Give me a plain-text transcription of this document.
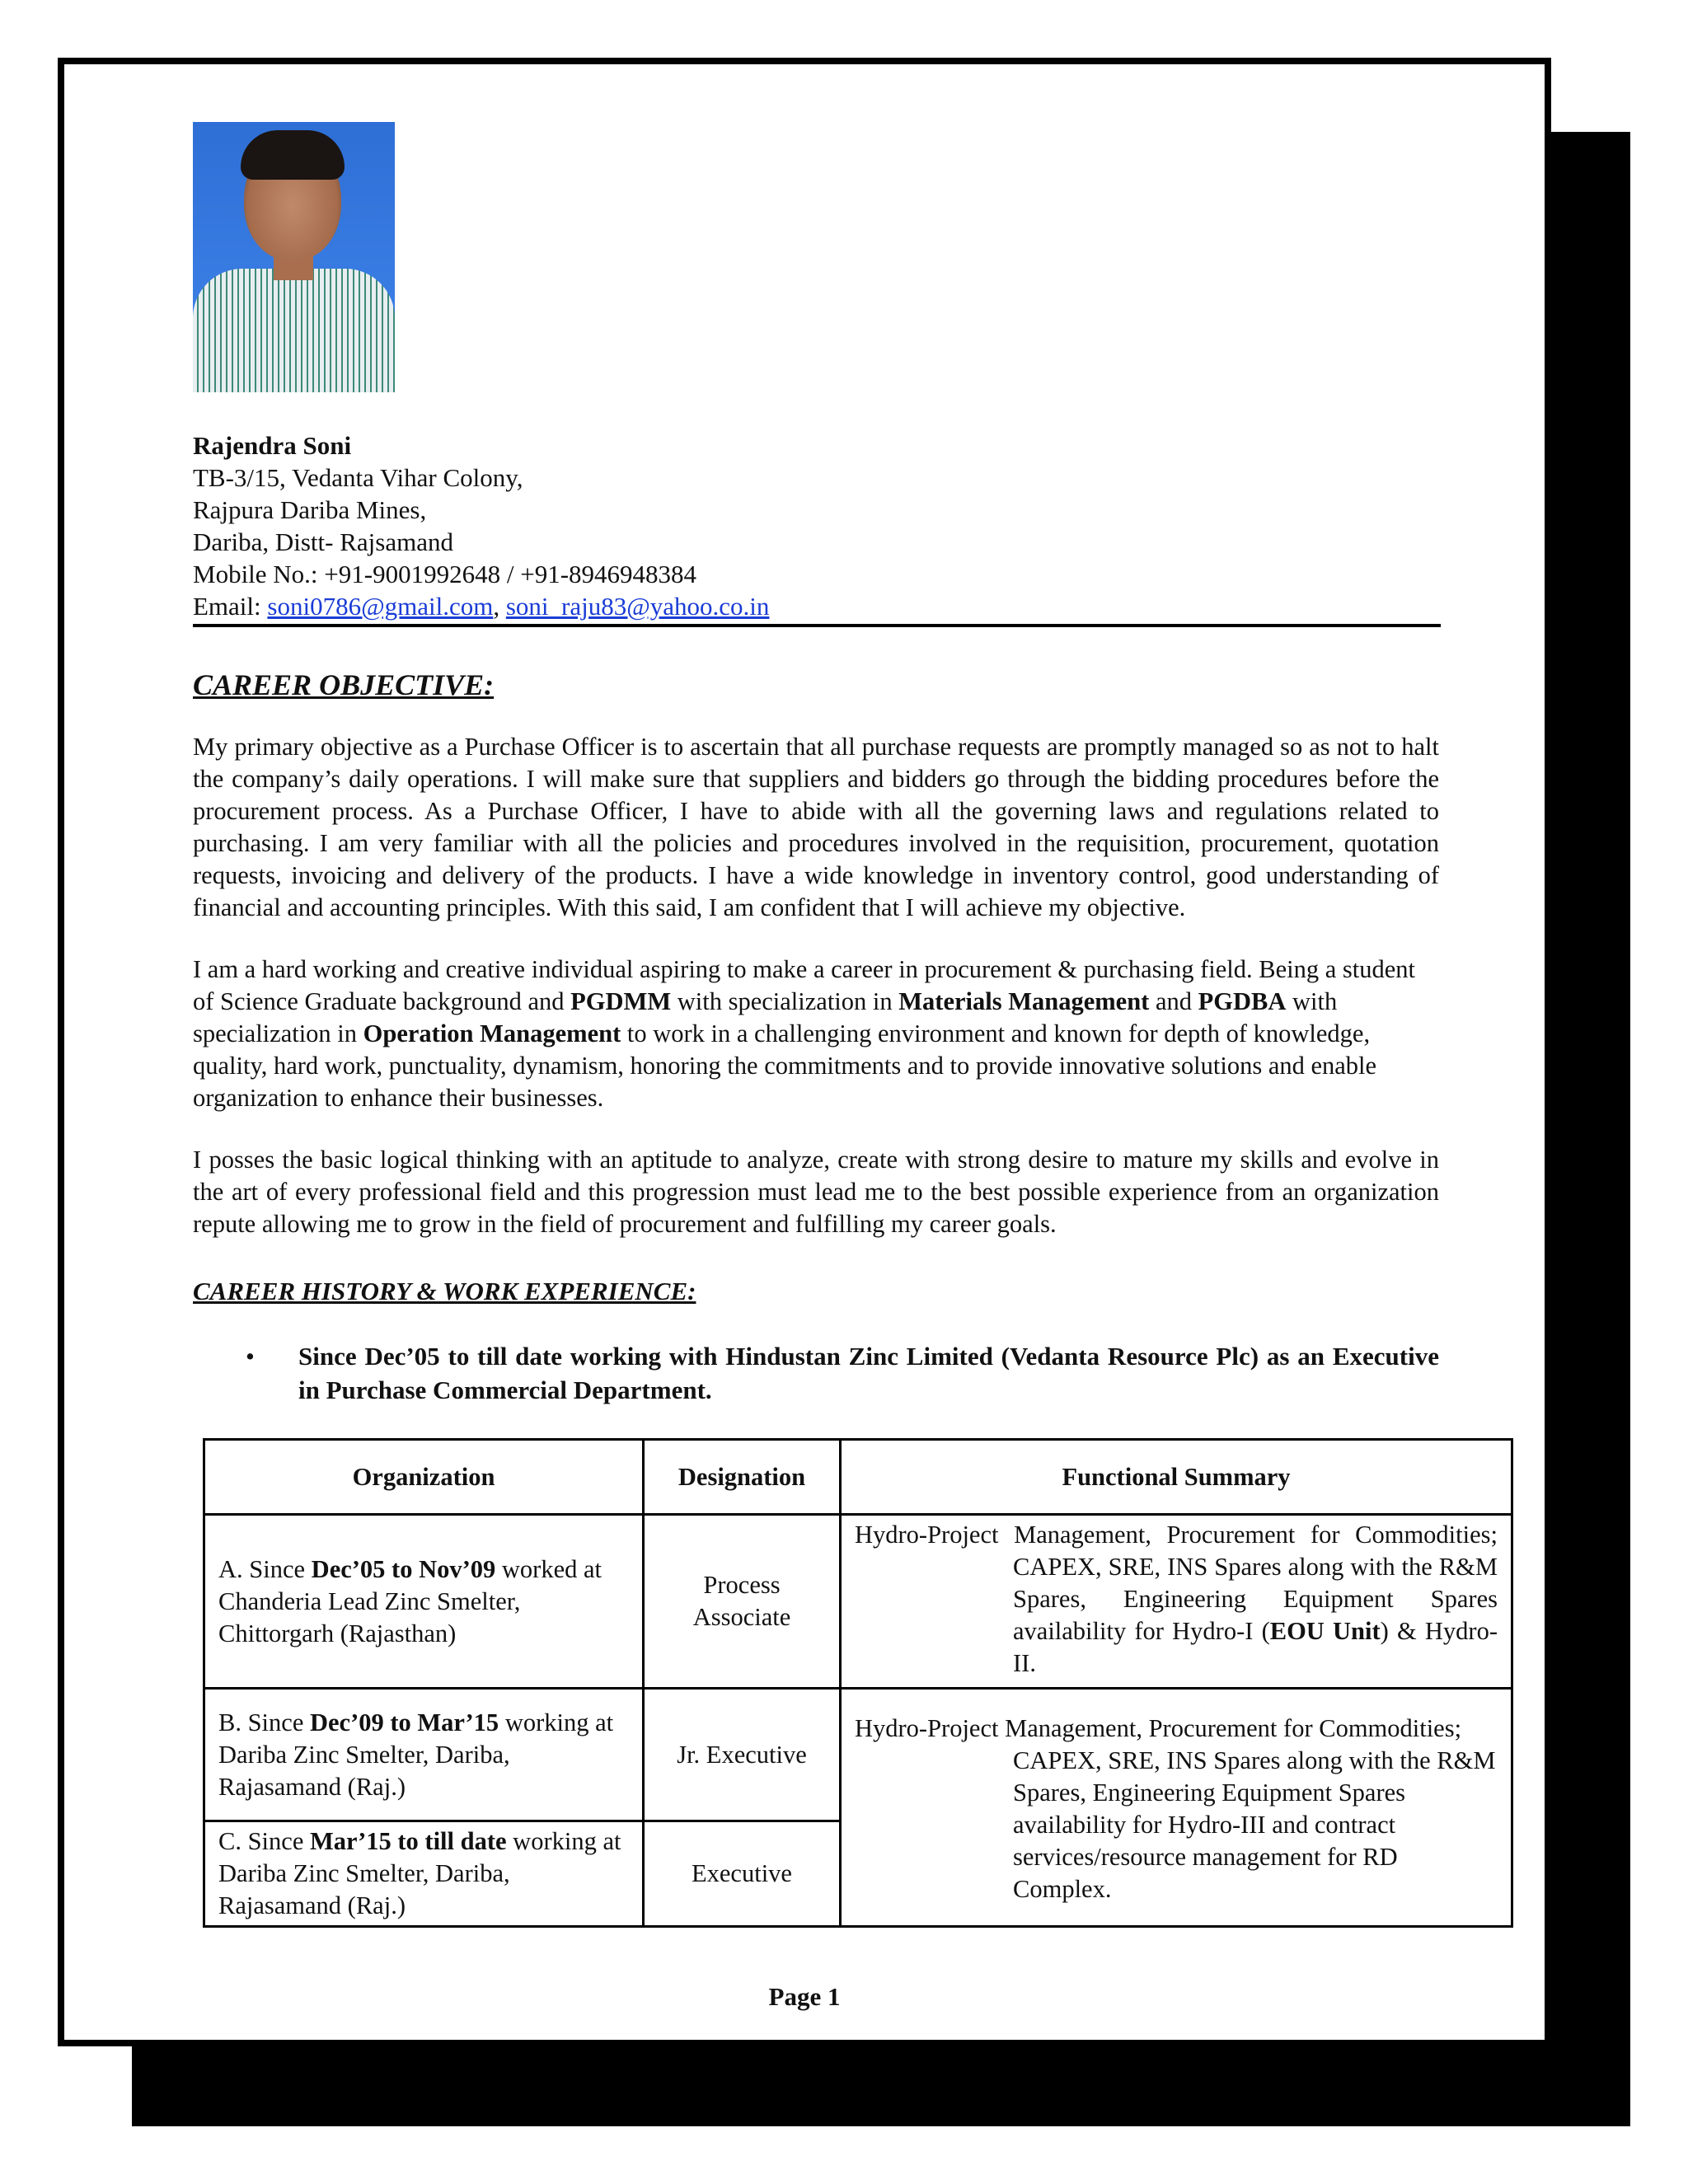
Rajendra Soni
TB-3/15, Vedanta Vihar Colony,
Rajpura Dariba Mines,
Dariba, Distt- Rajsamand
Mobile No.: +91-9001992648 / +91-8946948384
Email: soni0786@gmail.com, soni_raju83@yahoo.co.in
CAREER OBJECTIVE:
My primary objective as a Purchase Officer is to ascertain that all purchase requests are promptly managed so as not to halt the company’s daily operations. I will make sure that suppliers and bidders go through the bidding procedures before the procurement process. As a Purchase Officer, I have to abide with all the governing laws and regulations related to purchasing. I am very familiar with all the policies and procedures involved in the requisition, procurement, quotation requests, invoicing and delivery of the products. I have a wide knowledge in inventory control, good understanding of financial and accounting principles. With this said, I am confident that I will achieve my objective.
I am a hard working and creative individual aspiring to make a career in procurement & purchasing field. Being a student of Science Graduate background and PGDMM with specialization in Materials Management and PGDBA with specialization in Operation Management to work in a challenging environment and known for depth of knowledge, quality, hard work, punctuality, dynamism, honoring the commitments and to provide innovative solutions and enable organization to enhance their businesses.
I posses the basic logical thinking with an aptitude to analyze, create with strong desire to mature my skills and evolve in the art of every professional field and this progression must lead me to the best possible experience from an organization repute allowing me to grow in the field of procurement and fulfilling my career goals.
CAREER HISTORY & WORK EXPERIENCE:
• Since Dec’05 to till date working with Hindustan Zinc Limited (Vedanta Resource Plc) as an Executive in Purchase Commercial Department.
Organization	Designation	Functional Summary
A. Since Dec’05 to Nov’09 worked at Chanderia Lead Zinc Smelter, Chittorgarh (Rajasthan)	Process Associate	Hydro-Project Management, Procurement for Commodities; CAPEX, SRE, INS Spares along with the R&M Spares, Engineering Equipment Spares availability for Hydro-I (EOU Unit) & Hydro-II.
B. Since Dec’09 to Mar’15 working at Dariba Zinc Smelter, Dariba, Rajasamand (Raj.)	Jr. Executive	Hydro-Project Management, Procurement for Commodities; CAPEX, SRE, INS Spares along with the R&M Spares, Engineering Equipment Spares availability for Hydro-III and contract services/resource management for RD Complex.
C. Since Mar’15 to till date working at Dariba Zinc Smelter, Dariba, Rajasamand (Raj.)	Executive	
Page 1
